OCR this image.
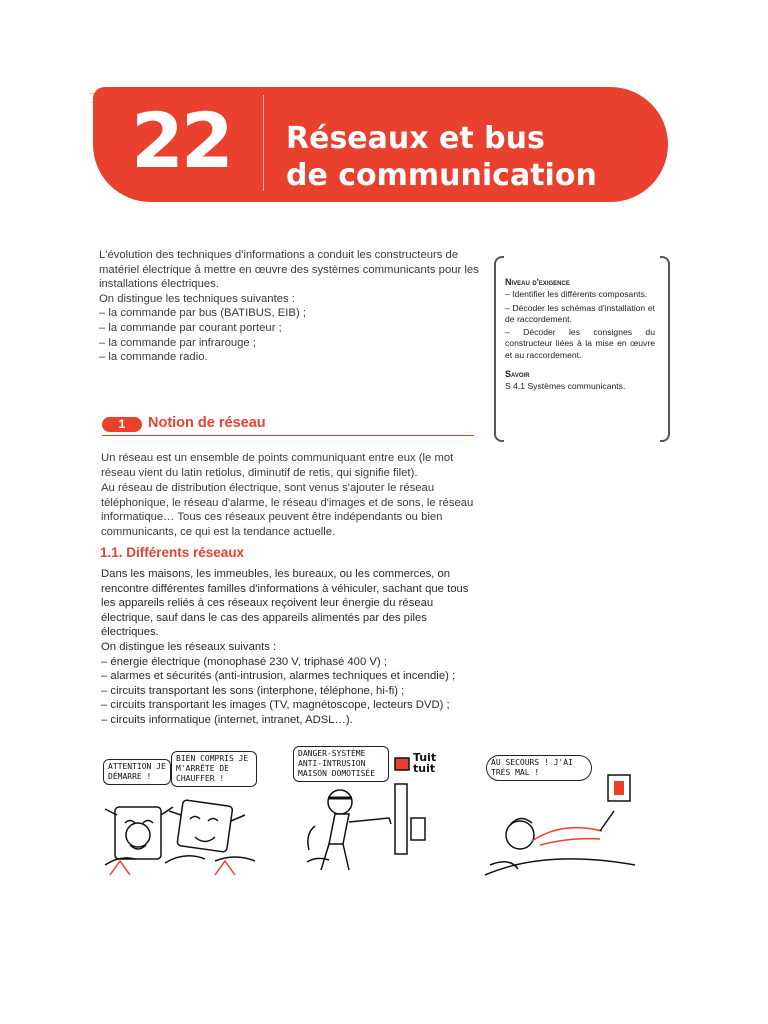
22 Réseaux et bus
de communication

L'évolution des techniques d'informations a conduit les constructeurs de matériel électrique à mettre en œuvre des systèmes communicants pour les installations électriques.

On distingue les techniques suivantes :

– la commande par bus (BATIBUS, EIB) ;
– la commande par courant porteur ;
– la commande par infrarouge ;
– la commande radio.
Niveau d'exigence
– Identifier les différents composants.
– Décoder les schémas d'installation et de raccordement.
– Décoder les consignes du constructeur liées à la mise en œuvre et au raccordement.
Savoir
S 4.1 Systèmes communicants.
1	Notion de réseau

Un réseau est un ensemble de points communiquant entre eux (le mot réseau vient du latin retiolus, diminutif de retis, qui signifie filet).

Au réseau de distribution électrique, sont venus s'ajouter le réseau téléphonique, le réseau d'alarme, le réseau d'images et de sons, le réseau informatique… Tous ces réseaux peuvent être indépendants ou bien communicants, ce qui est la tendance actuelle.

1.1. Différents réseaux

Dans les maisons, les immeubles, les bureaux, ou les commerces, on rencontre différentes familles d'informations à véhiculer, sachant que tous les appareils reliés à ces réseaux reçoivent leur énergie du réseau électrique, sauf dans le cas des appareils alimentés par des piles électriques.

On distingue les réseaux suivants :

– énergie électrique (monophasé 230 V, triphasé 400 V) ;
– alarmes et sécurités (anti-intrusion, alarmes techniques et incendie) ;
– circuits transportant les sons (interphone, téléphone, hi-fi) ;
– circuits transportant les images (TV, magnétoscope, lecteurs DVD) ;
– circuits informatique (internet, intranet, ADSL…).
ATTENTION JE DÉMARRE !
BIEN COMPRIS JE M'ARRÊTE DE CHAUFFER !
DANGER-SYSTÈME ANTI-INTRUSION MAISON DOMOTISÉE
Tuit tuit	AU SECOURS ! J'AI TRÈS MAL !
